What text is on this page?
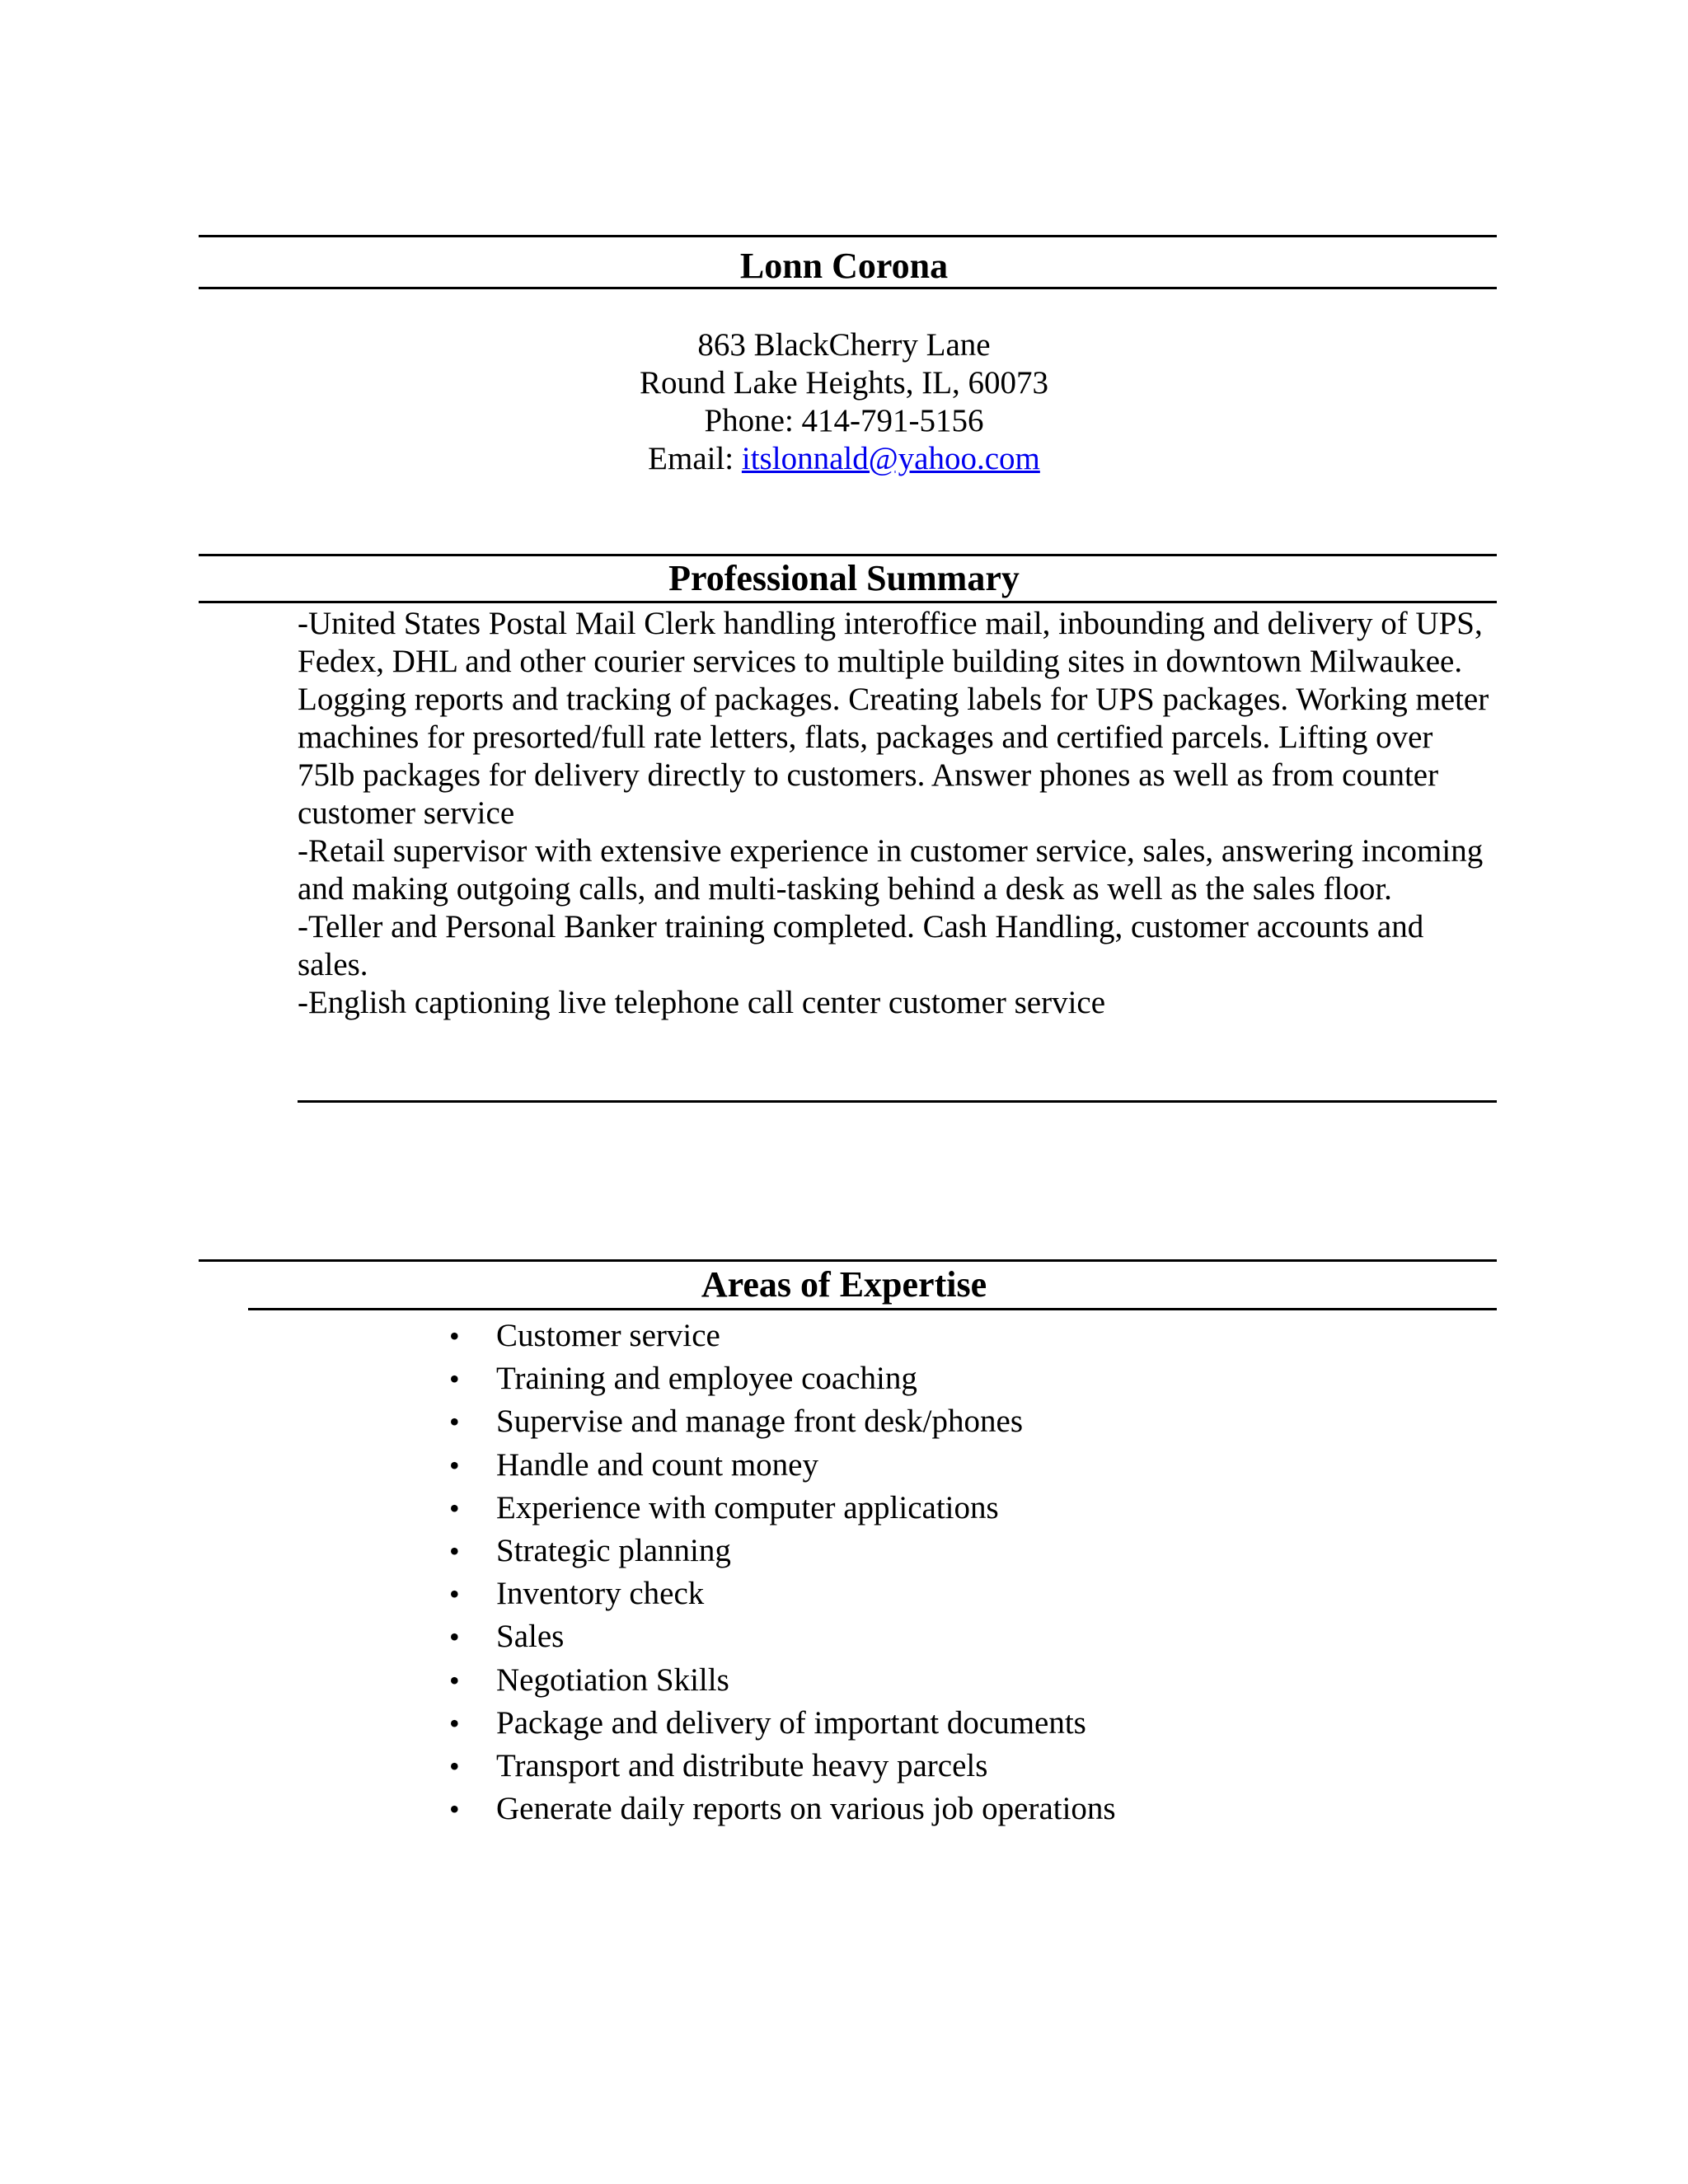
Lonn Corona
863 BlackCherry Lane
Round Lake Heights, IL, 60073
Phone: 414-791-5156
Email: itslonnald@yahoo.com
Professional Summary

-United States Postal Mail Clerk handling interoffice mail, inbounding and delivery of UPS, Fedex, DHL and other courier services to multiple building sites in downtown Milwaukee. Logging reports and tracking of packages. Creating labels for UPS packages. Working meter machines for presorted/full rate letters, flats, packages and certified parcels. Lifting over 75lb packages for delivery directly to customers. Answer phones as well as from counter customer service

-Retail supervisor with extensive experience in customer service, sales, answering incoming and making outgoing calls, and multi-tasking behind a desk as well as the sales floor.

-Teller and Personal Banker training completed. Cash Handling, customer accounts and sales.

-English captioning live telephone call center customer service

Areas of Expertise
• Customer service
• Training and employee coaching
• Supervise and manage front desk/phones
• Handle and count money
• Experience with computer applications
• Strategic planning
• Inventory check
• Sales
• Negotiation Skills
• Package and delivery of important documents
• Transport and distribute heavy parcels
• Generate daily reports on various job operations
